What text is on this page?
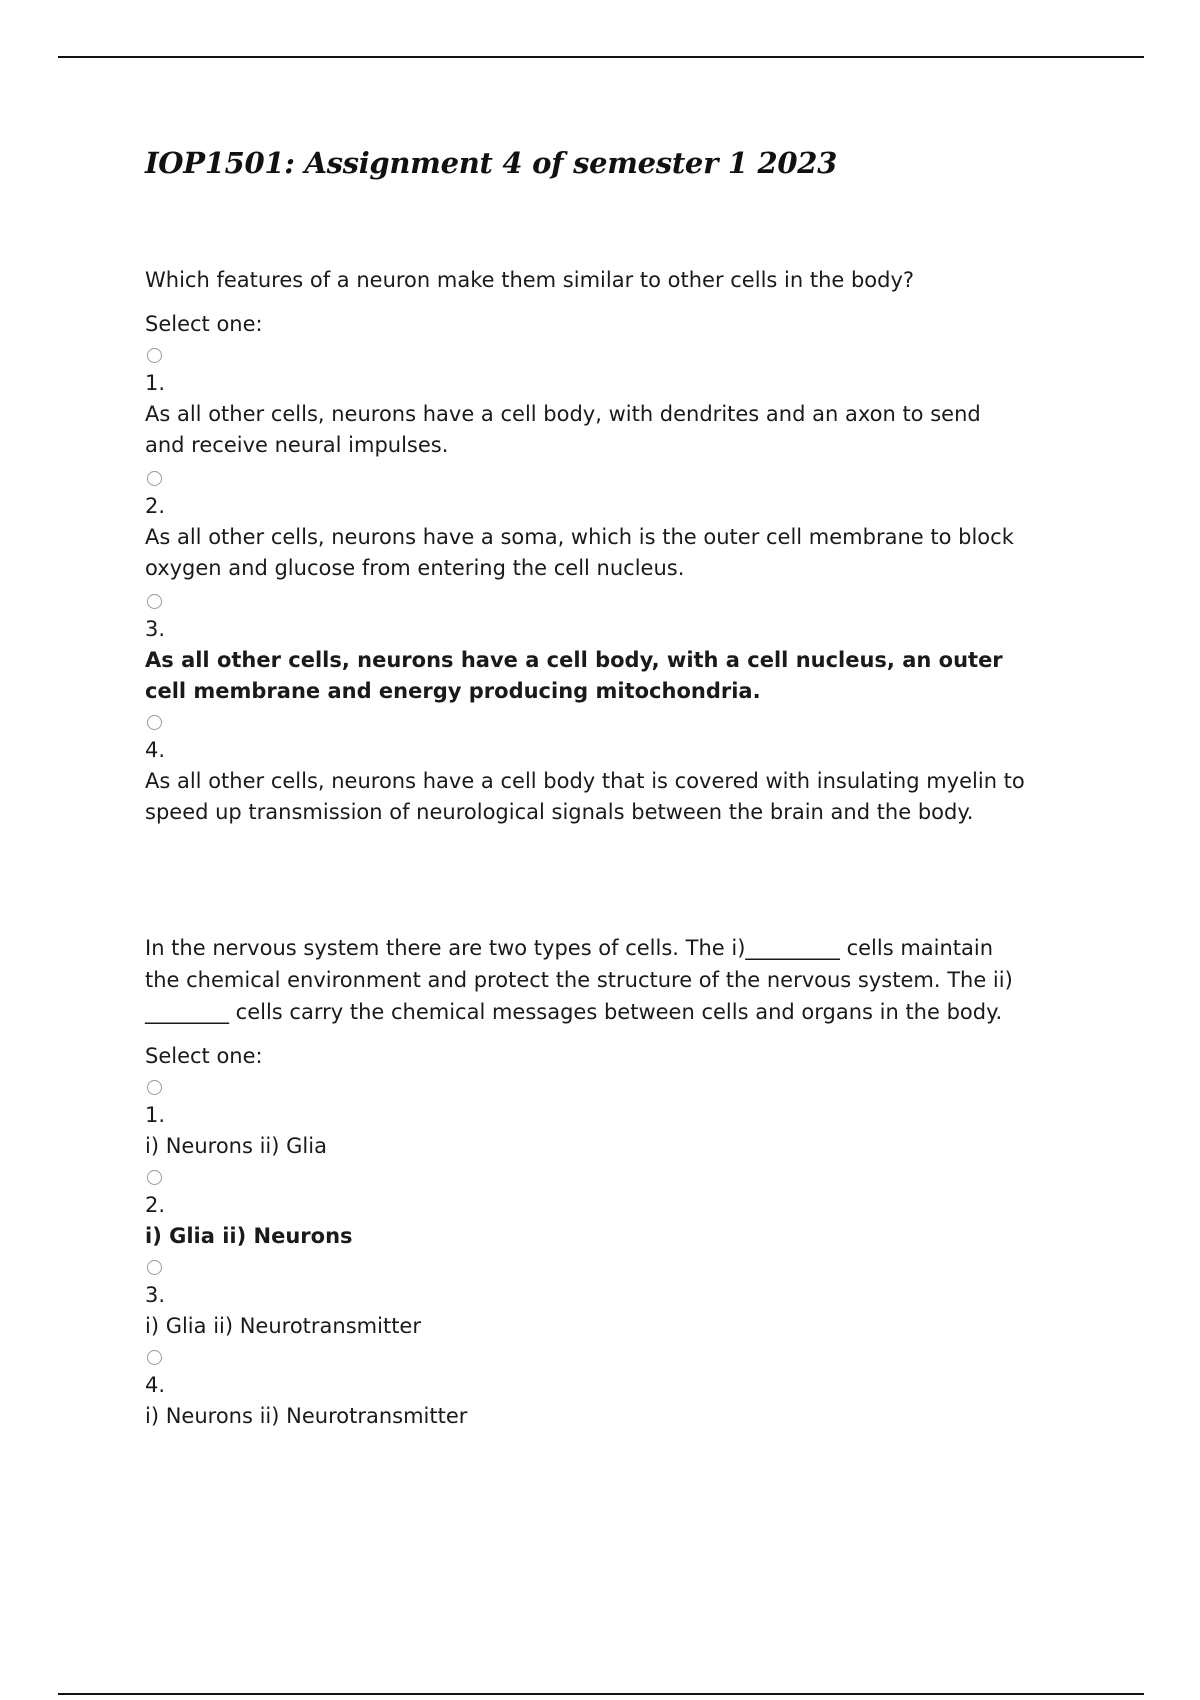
IOP1501: Assignment 4 of semester 1 2023

Which features of a neuron make them similar to other cells in the body?

Select one:

1.
As all other cells, neurons have a cell body, with dendrites and an axon to send and receive neural impulses.
2.
As all other cells, neurons have a soma, which is the outer cell membrane to block oxygen and glucose from entering the cell nucleus.
3.
As all other cells, neurons have a cell body, with a cell nucleus, an outer cell membrane and energy producing mitochondria.
4.
As all other cells, neurons have a cell body that is covered with insulating myelin to speed up transmission of neurological signals between the brain and the body.

In the nervous system there are two types of cells. The i)_________ cells maintain the chemical environment and protect the structure of the nervous system. The ii) ________ cells carry the chemical messages between cells and organs in the body.

Select one:

1.
i) Neurons ii) Glia
2.
i) Glia ii) Neurons
3.
i) Glia ii) Neurotransmitter
4.
i) Neurons ii) Neurotransmitter
